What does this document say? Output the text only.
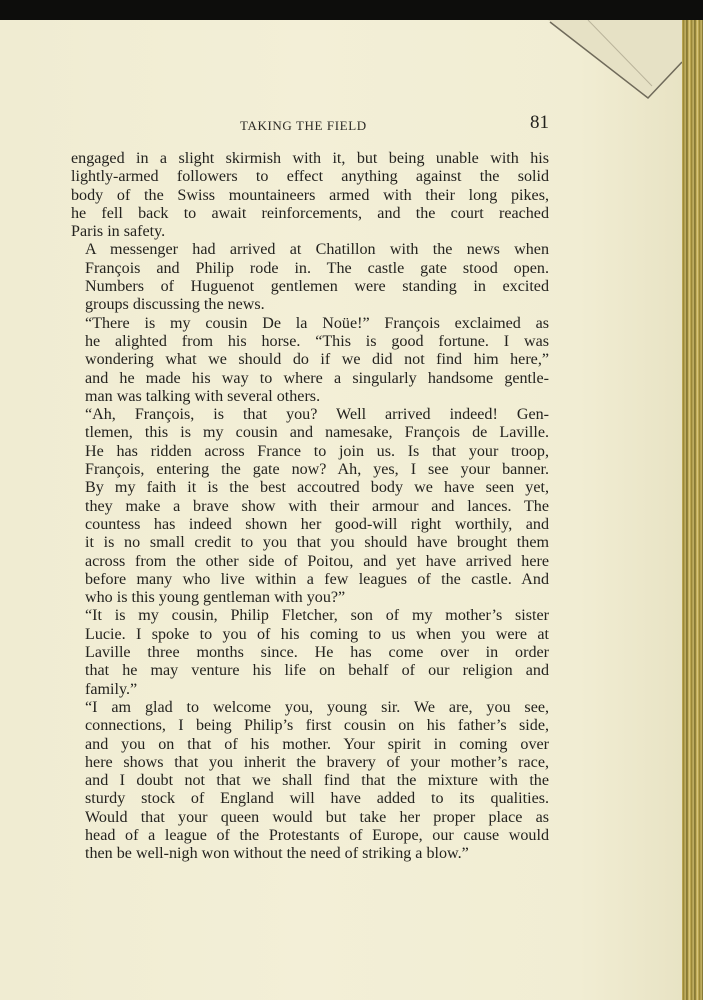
TAKING THE FIELD	81

engaged in a slight skirmish with it, but being unable with his
lightly-armed followers to effect anything against the solid
body of the Swiss mountaineers armed with their long pikes,
he fell back to await reinforcements, and the court reached
Paris in safety.

A messenger had arrived at Chatillon with the news when
François and Philip rode in. The castle gate stood open.
Numbers of Huguenot gentlemen were standing in excited
groups discussing the news.

“There is my cousin De la Noüe!” François exclaimed as
he alighted from his horse. “This is good fortune. I was
wondering what we should do if we did not find him here,”
and he made his way to where a singularly handsome gentle-
man was talking with several others.

“Ah, François, is that you? Well arrived indeed! Gen-
tlemen, this is my cousin and namesake, François de Laville.
He has ridden across France to join us. Is that your troop,
François, entering the gate now? Ah, yes, I see your banner.
By my faith it is the best accoutred body we have seen yet,
they make a brave show with their armour and lances. The
countess has indeed shown her good-will right worthily, and
it is no small credit to you that you should have brought them
across from the other side of Poitou, and yet have arrived here
before many who live within a few leagues of the castle. And
who is this young gentleman with you?”

“It is my cousin, Philip Fletcher, son of my mother’s sister
Lucie. I spoke to you of his coming to us when you were at
Laville three months since. He has come over in order
that he may venture his life on behalf of our religion and
family.”

“I am glad to welcome you, young sir. We are, you see,
connections, I being Philip’s first cousin on his father’s side,
and you on that of his mother. Your spirit in coming over
here shows that you inherit the bravery of your mother’s race,
and I doubt not that we shall find that the mixture with the
sturdy stock of England will have added to its qualities.
Would that your queen would but take her proper place as
head of a league of the Protestants of Europe, our cause would
then be well-nigh won without the need of striking a blow.”
